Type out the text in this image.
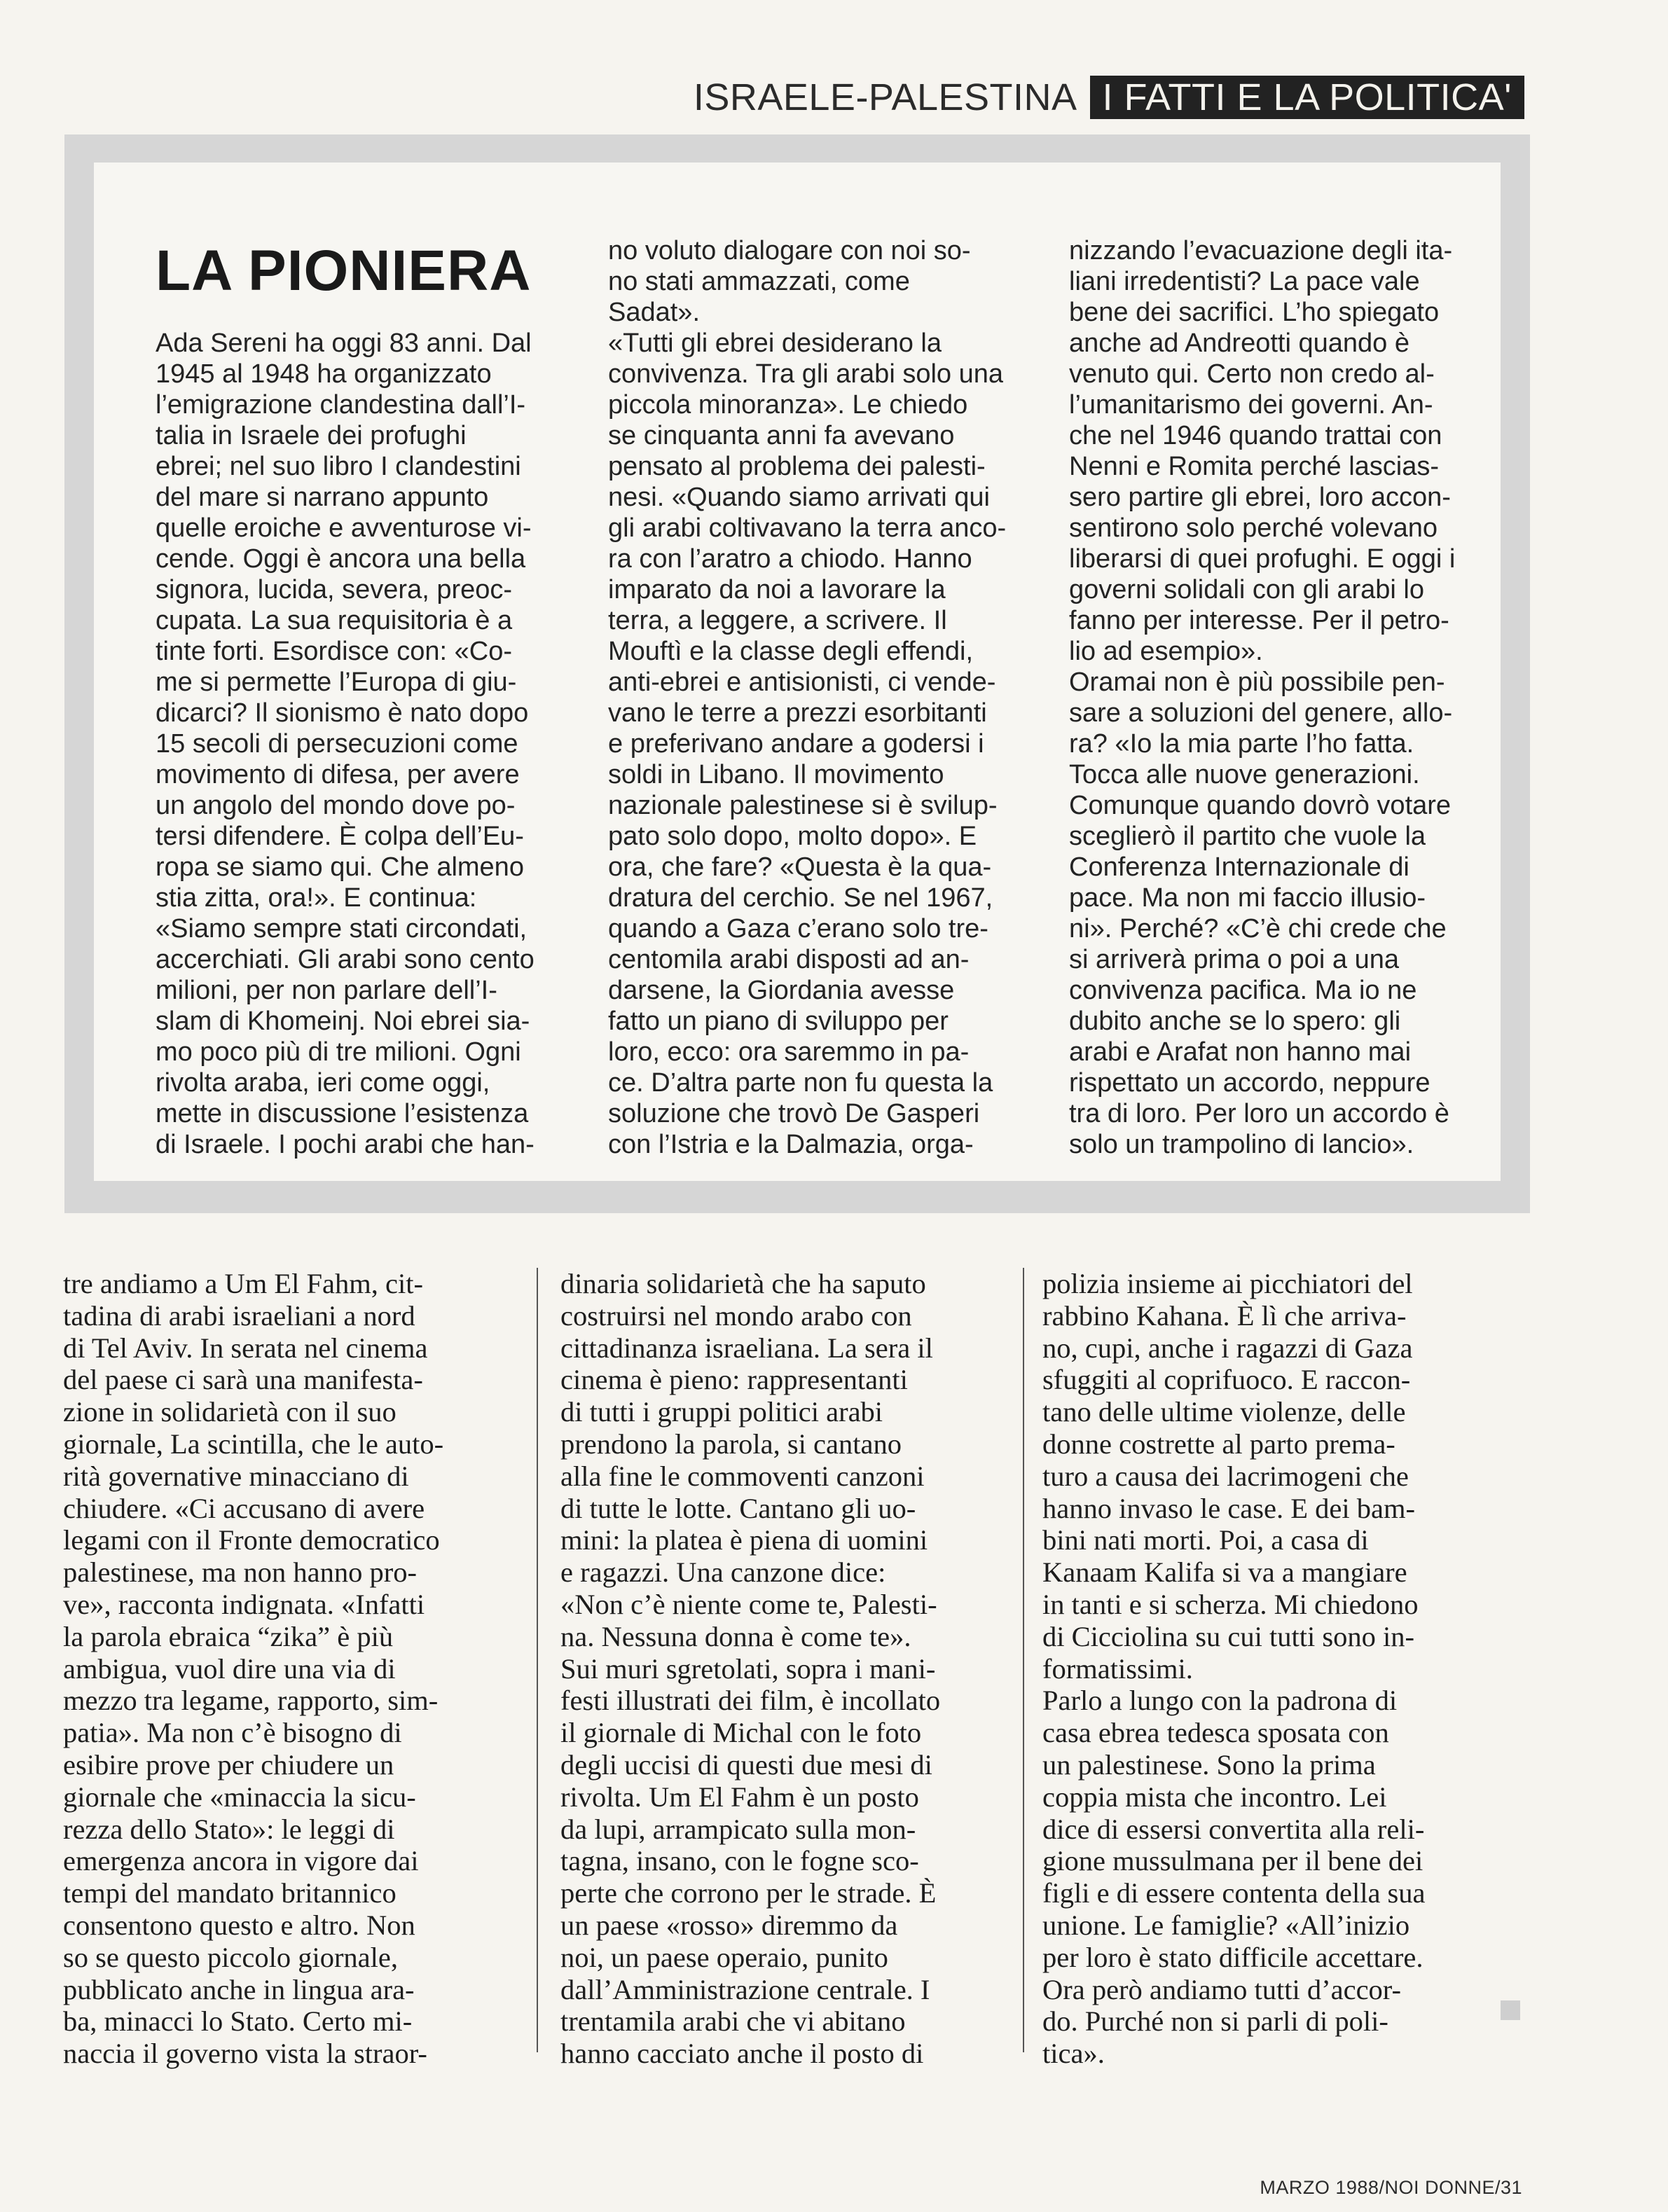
ISRAELE-PALESTINA I FATTI E LA POLITICA'
LA PIONIERA

Ada Sereni ha oggi 83 anni. Dal
1945 al 1948 ha organizzato
l’emigrazione clandestina dall’I-
talia in Israele dei profughi
ebrei; nel suo libro I clandestini
del mare si narrano appunto
quelle eroiche e avventurose vi-
cende. Oggi è ancora una bella
signora, lucida, severa, preoc-
cupata. La sua requisitoria è a
tinte forti. Esordisce con: «Co-
me si permette l’Europa di giu-
dicarci? Il sionismo è nato dopo
15 secoli di persecuzioni come
movimento di difesa, per avere
un angolo del mondo dove po-
tersi difendere. È colpa dell’Eu-
ropa se siamo qui. Che almeno
stia zitta, ora!». E continua:
«Siamo sempre stati circondati,
accerchiati. Gli arabi sono cento
milioni, per non parlare dell’I-
slam di Khomeinj. Noi ebrei sia-
mo poco più di tre milioni. Ogni
rivolta araba, ieri come oggi,
mette in discussione l’esistenza
di Israele. I pochi arabi che han-

no voluto dialogare con noi so-
no stati ammazzati, come
Sadat».
«Tutti gli ebrei desiderano la
convivenza. Tra gli arabi solo una
piccola minoranza». Le chiedo
se cinquanta anni fa avevano
pensato al problema dei palesti-
nesi. «Quando siamo arrivati qui
gli arabi coltivavano la terra anco-
ra con l’aratro a chiodo. Hanno
imparato da noi a lavorare la
terra, a leggere, a scrivere. Il
Mouftì e la classe degli effendi,
anti-ebrei e antisionisti, ci vende-
vano le terre a prezzi esorbitanti
e preferivano andare a godersi i
soldi in Libano. Il movimento
nazionale palestinese si è svilup-
pato solo dopo, molto dopo». E
ora, che fare? «Questa è la qua-
dratura del cerchio. Se nel 1967,
quando a Gaza c’erano solo tre-
centomila arabi disposti ad an-
darsene, la Giordania avesse
fatto un piano di sviluppo per
loro, ecco: ora saremmo in pa-
ce. D’altra parte non fu questa la
soluzione che trovò De Gasperi
con l’Istria e la Dalmazia, orga-

nizzando l’evacuazione degli ita-
liani irredentisti? La pace vale
bene dei sacrifici. L’ho spiegato
anche ad Andreotti quando è
venuto qui. Certo non credo al-
l’umanitarismo dei governi. An-
che nel 1946 quando trattai con
Nenni e Romita perché lascias-
sero partire gli ebrei, loro accon-
sentirono solo perché volevano
liberarsi di quei profughi. E oggi i
governi solidali con gli arabi lo
fanno per interesse. Per il petro-
lio ad esempio».
Oramai non è più possibile pen-
sare a soluzioni del genere, allo-
ra? «Io la mia parte l’ho fatta.
Tocca alle nuove generazioni.
Comunque quando dovrò votare
sceglierò il partito che vuole la
Conferenza Internazionale di
pace. Ma non mi faccio illusio-
ni». Perché? «C’è chi crede che
si arriverà prima o poi a una
convivenza pacifica. Ma io ne
dubito anche se lo spero: gli
arabi e Arafat non hanno mai
rispettato un accordo, neppure
tra di loro. Per loro un accordo è
solo un trampolino di lancio».

tre andiamo a Um El Fahm, cit-
tadina di arabi israeliani a nord
di Tel Aviv. In serata nel cinema
del paese ci sarà una manifesta-
zione in solidarietà con il suo
giornale, La scintilla, che le auto-
rità governative minacciano di
chiudere. «Ci accusano di avere
legami con il Fronte democratico
palestinese, ma non hanno pro-
ve», racconta indignata. «Infatti
la parola ebraica “zika” è più
ambigua, vuol dire una via di
mezzo tra legame, rapporto, sim-
patia». Ma non c’è bisogno di
esibire prove per chiudere un
giornale che «minaccia la sicu-
rezza dello Stato»: le leggi di
emergenza ancora in vigore dai
tempi del mandato britannico
consentono questo e altro. Non
so se questo piccolo giornale,
pubblicato anche in lingua ara-
ba, minacci lo Stato. Certo mi-
naccia il governo vista la straor-

dinaria solidarietà che ha saputo
costruirsi nel mondo arabo con
cittadinanza israeliana. La sera il
cinema è pieno: rappresentanti
di tutti i gruppi politici arabi
prendono la parola, si cantano
alla fine le commoventi canzoni
di tutte le lotte. Cantano gli uo-
mini: la platea è piena di uomini
e ragazzi. Una canzone dice:
«Non c’è niente come te, Palesti-
na. Nessuna donna è come te».
Sui muri sgretolati, sopra i mani-
festi illustrati dei film, è incollato
il giornale di Michal con le foto
degli uccisi di questi due mesi di
rivolta. Um El Fahm è un posto
da lupi, arrampicato sulla mon-
tagna, insano, con le fogne sco-
perte che corrono per le strade. È
un paese «rosso» diremmo da
noi, un paese operaio, punito
dall’Amministrazione centrale. I
trentamila arabi che vi abitano
hanno cacciato anche il posto di

polizia insieme ai picchiatori del
rabbino Kahana. È lì che arriva-
no, cupi, anche i ragazzi di Gaza
sfuggiti al coprifuoco. E raccon-
tano delle ultime violenze, delle
donne costrette al parto prema-
turo a causa dei lacrimogeni che
hanno invaso le case. E dei bam-
bini nati morti. Poi, a casa di
Kanaam Kalifa si va a mangiare
in tanti e si scherza. Mi chiedono
di Cicciolina su cui tutti sono in-
formatissimi.
Parlo a lungo con la padrona di
casa ebrea tedesca sposata con
un palestinese. Sono la prima
coppia mista che incontro. Lei
dice di essersi convertita alla reli-
gione mussulmana per il bene dei
figli e di essere contenta della sua
unione. Le famiglie? «All’inizio
per loro è stato difficile accettare.
Ora però andiamo tutti d’accor-
do. Purché non si parli di poli-
tica».

MARZO 1988/NOI DONNE/31
